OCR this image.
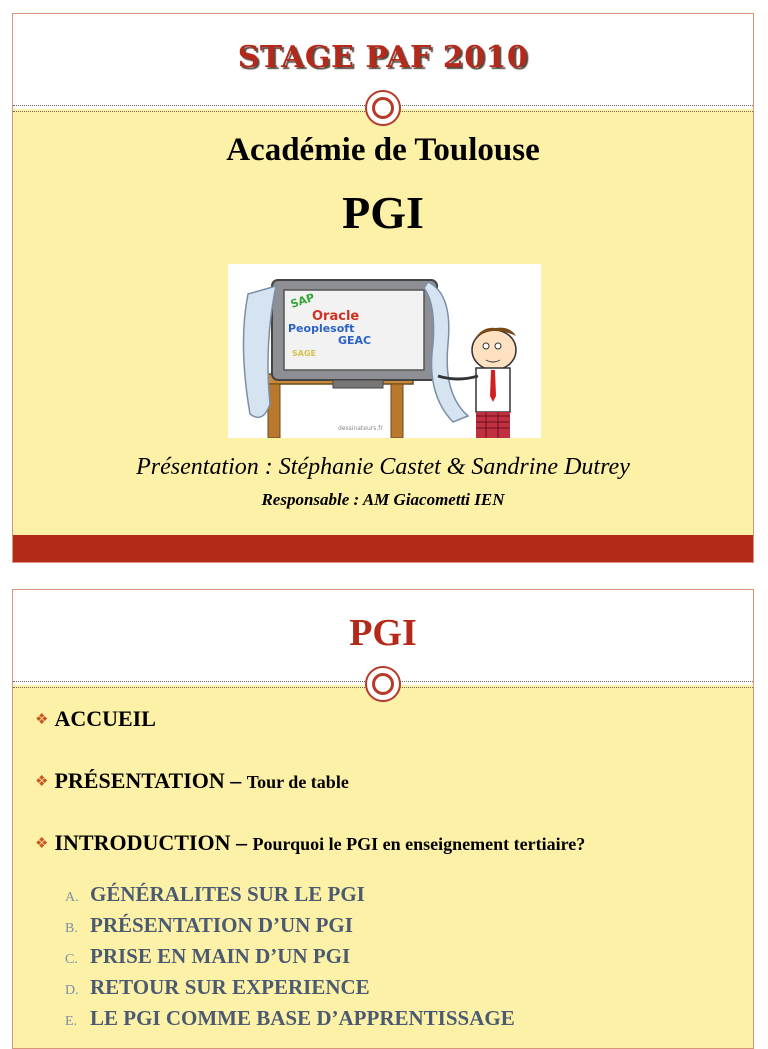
STAGE PAF 2010
Académie de Toulouse
PGI
SAP
Oracle
Peoplesoft
GEAC
SAGE
dessinateurs.fr
Présentation : Stéphanie Castet & Sandrine Dutrey
Responsable : AM Giacometti IEN
PGI
❖ ACCUEIL
❖ PRÉSENTATION – Tour de table
❖ INTRODUCTION – Pourquoi le PGI en enseignement tertiaire?
A. GÉNÉRALITES SUR LE PGI
B. PRÉSENTATION D’UN PGI
C. PRISE EN MAIN D’UN PGI
D. RETOUR SUR EXPERIENCE
E. LE PGI COMME BASE D’APPRENTISSAGE
